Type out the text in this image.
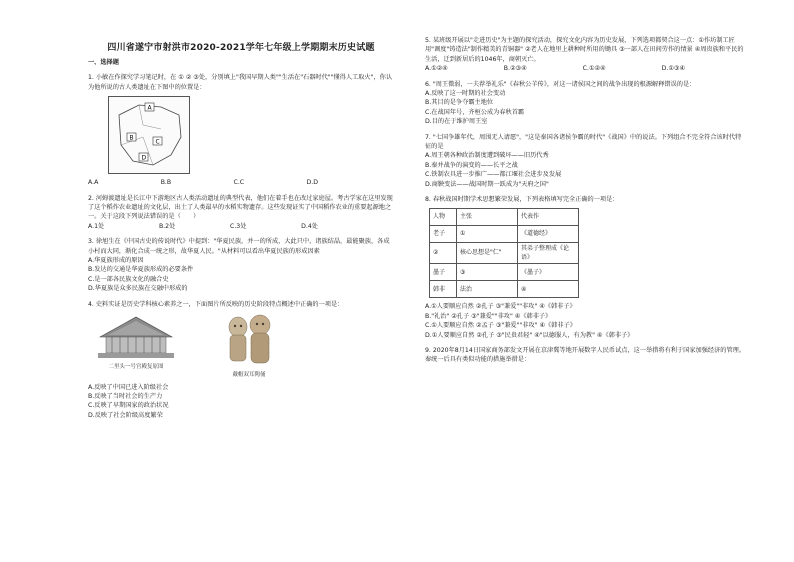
四川省遂宁市射洪市2020-2021学年七年级上学期期末历史试题
一、选择题
1. 小敏在作探究学习笔记时，在 ① ② ③处，分别填上"我国早期人类""生活在"石器时代""懂得人工取火"，你认为他所说的古人类遗址在下图中的位置是：
A
B
C
D
A.A	B.B	C.C	D.D
2. 河姆渡遗址是长江中下游地区古人类活动遗址的典型代表，他们在着手也在改过家庭屋。考古学家在这里发现了这个稻作农业遗址的文化层，出土了人类最早的水稻实物遗存。这些发现证实了中国稻作农业的重要起源地之一。关于这段下列说法错误的是（　　）
A.1处	B.2处	C.3处	D.4处
3. 徐旭生在《中国古史的传说时代》中提到："华夏民族，并一的所成，大此只中，诸族结晶，最能聚族，各成小村而大同，渐化合成一统之形，故华夏人民。"从材料可以看出华夏民族的形成因素
A.华夏族形成的原因
B.发达的交通是华夏族形成的必要条件
C.是一部各民族文化的融合史
D.华夏族是众多民族在交融中形成的
4. 史料实证是历史学科核心素养之一，下面图片所反映的历史阶段特点概述中正确的一项是：
二里头一号宫殿复原图
戴帽双耳陶俑
A.反映了中国已进入阶级社会
B.反映了当时社会的生产力
C.反映了早期国家的政治状况
D.反映了社会阶级高度繁荣
5. 某班级开展以"走进历史"为主题的探究活动，探究文化内容为历史发展，下列选项都契合这一点：①作坊制工匠用"调度"铸造法"制作精美的青铜器" ②老人在地里上耕种时所用的锄具 ③一部人在田间劳作的情景 ④周贵族和平民的生活，迁到新居后的1046年，商朝灭亡。
A.①②④	B.②③④	C.①②④	D.①③④
6. "周王微弱，一夫荐举礼乐"《春秋公羊传》，对这一诸侯国之间的战争出现的根源解释错误的是：
A.反映了这一时期的社会变动
B.其目的是争夺霸主地位
C.在战国年号，齐桓公成为春秋首霸
D.目的在于维护周王室
7. "七国争雄年代，周围无人请愿"，"这是秦国各诸侯争霸的时代"《战国》中的说法。下列组合不完全符合该时代特征的是
A.周王朝各种政治制度遭到破坏——旧历代秀
B.秦并战争的演变的——长平之战
C.铁制农具进一步推广——都江堰社会进步及发展
D.商鞅变法——战国时期一跃成为"天府之国"
8. 春秋战国时期学术思想繁荣发展，下列表格填写完全正确的一项是：
人物	主张	代表作
老子	①	《道德经》
②	核心思想是"仁"	其弟子整理成《论语》
墨子	③	《墨子》
韩非	法治	④
A.①人要顺应自然 ②孔子 ③"兼爱""非攻" ④《韩非子》
B."礼治" ②孔子 ③"兼爱""非攻" ④《韩非子》
C.①人要顺应自然 ②孟子 ③"兼爱""非攻" ④《韩非子》
D.①人要顺应自然 ②孔子 ③"民贵君轻" ④"以德服人，有为教" ④《韩非子》
9. 2020年8月14日国家商务部发文开展在京津冀等地开展数字人民币试点，这一举措将有利于国家加强经济的管理。秦统一后具有类似功能的措施举措是：
